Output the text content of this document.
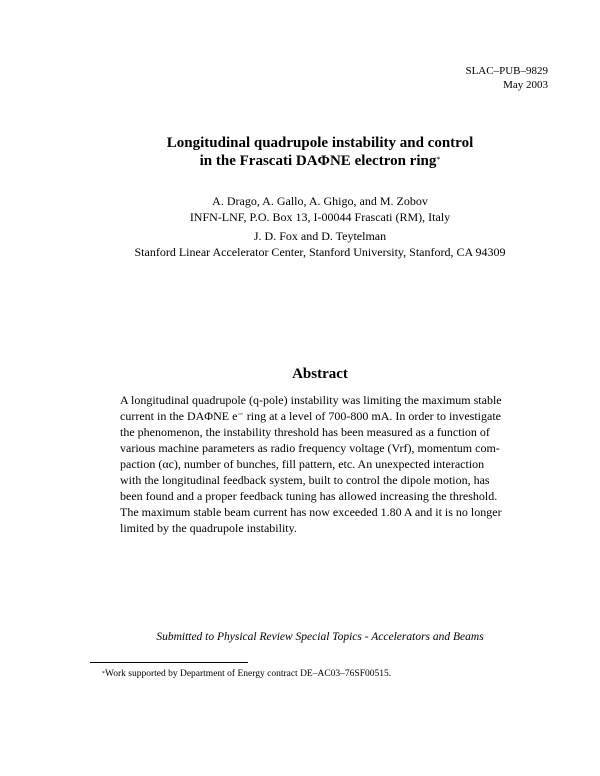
SLAC–PUB–9829
May 2003
Longitudinal quadrupole instability and control
in the Frascati DAΦNE electron ring*
A. Drago, A. Gallo, A. Ghigo, and M. Zobov
INFN-LNF, P.O. Box 13, I-00044 Frascati (RM), Italy
J. D. Fox and D. Teytelman
Stanford Linear Accelerator Center, Stanford University, Stanford, CA 94309
Abstract
A longitudinal quadrupole (q-pole) instability was limiting the maximum stable
current in the DAΦNE e⁻ ring at a level of 700-800 mA. In order to investigate
the phenomenon, the instability threshold has been measured as a function of
various machine parameters as radio frequency voltage (Vrf), momentum com-
paction (αc), number of bunches, fill pattern, etc. An unexpected interaction
with the longitudinal feedback system, built to control the dipole motion, has
been found and a proper feedback tuning has allowed increasing the threshold.
The maximum stable beam current has now exceeded 1.80 A and it is no longer
limited by the quadrupole instability.
Submitted to Physical Review Special Topics - Accelerators and Beams
*Work supported by Department of Energy contract DE–AC03–76SF00515.
